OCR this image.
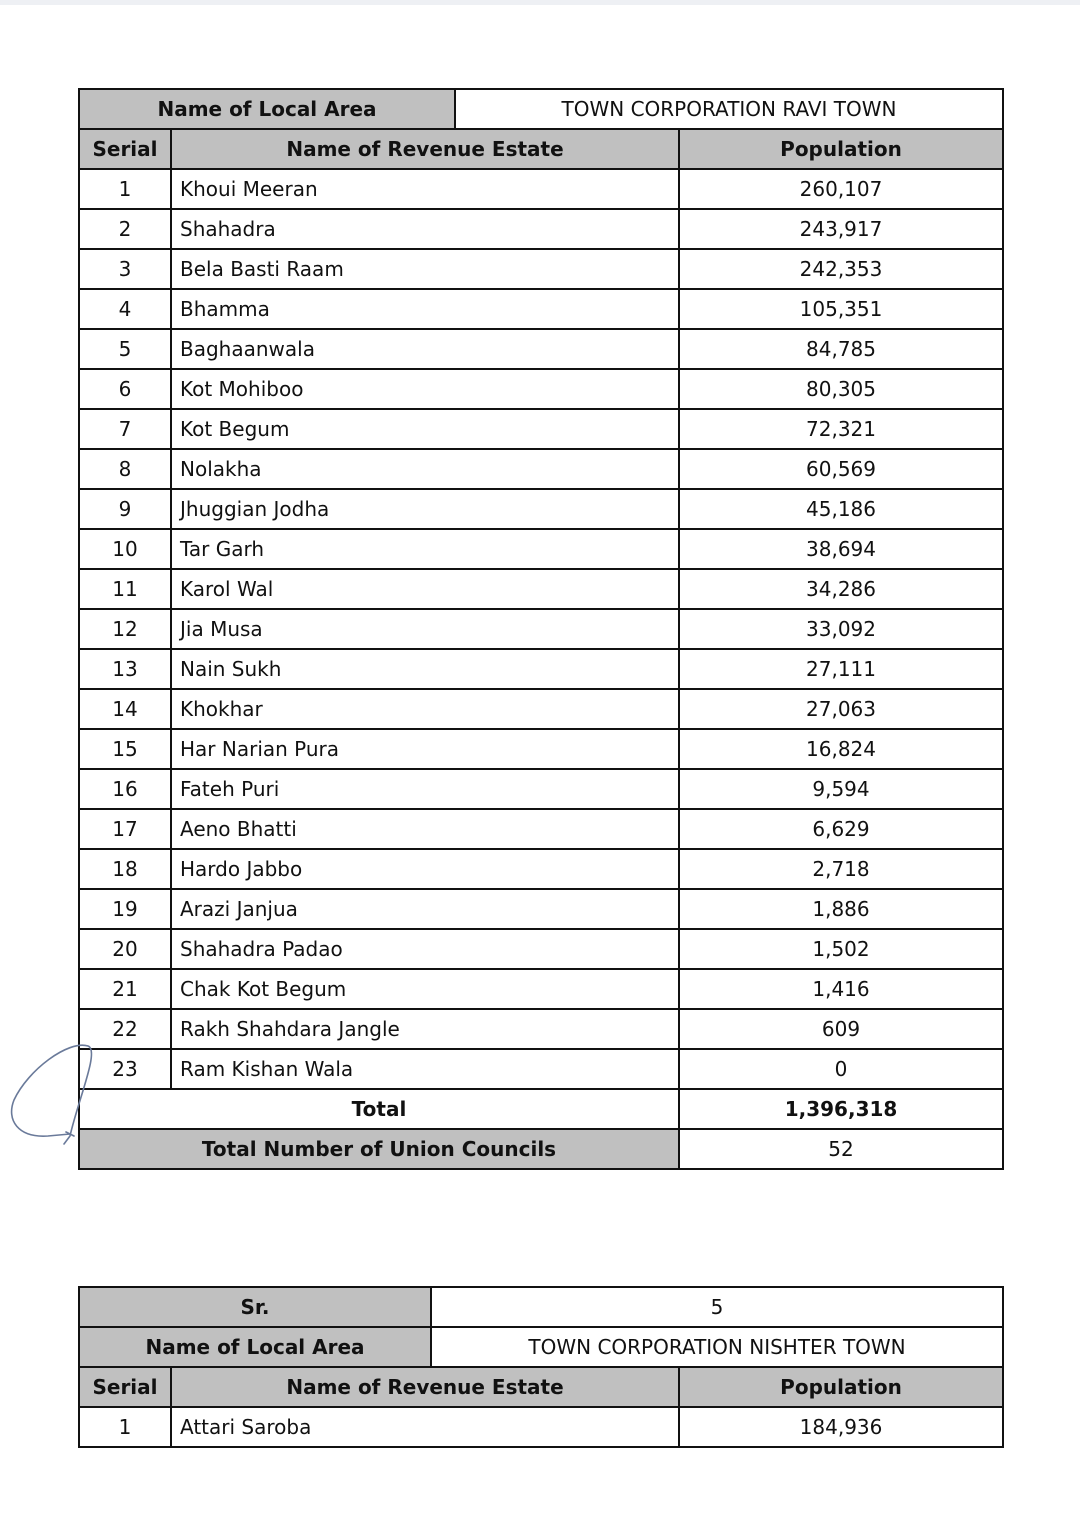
Name of Local Area		TOWN CORPORATION RAVI TOWN	
Serial	Name of Revenue Estate		Population
1	Khoui Meeran		260,107
2	Shahadra		243,917
3	Bela Basti Raam		242,353
4	Bhamma		105,351
5	Baghaanwala		84,785
6	Kot Mohiboo		80,305
7	Kot Begum		72,321
8	Nolakha		60,569
9	Jhuggian Jodha		45,186
10	Tar Garh		38,694
11	Karol Wal		34,286
12	Jia Musa		33,092
13	Nain Sukh		27,111
14	Khokhar		27,063
15	Har Narian Pura		16,824
16	Fateh Puri		9,594
17	Aeno Bhatti		6,629
18	Hardo Jabbo		2,718
19	Arazi Janjua		1,886
20	Shahadra Padao		1,502
21	Chak Kot Begum		1,416
22	Rakh Shahdara Jangle		609
23	Ram Kishan Wala		0
Total			1,396,318
Total Number of Union Councils			52
Sr.		5	
Name of Local Area		TOWN CORPORATION NISHTER TOWN	
Serial	Name of Revenue Estate		Population
1	Attari Saroba		184,936
